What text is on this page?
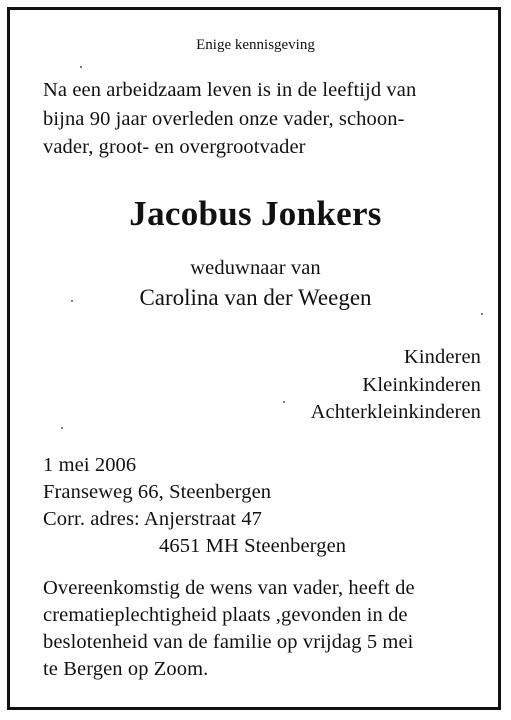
Enige kennisgeving
Na een arbeidzaam leven is in de leeftijd van
bijna 90 jaar overleden onze vader, schoon-
vader, groot- en overgrootvader
Jacobus Jonkers
weduwnaar van
Carolina van der Weegen
Kinderen
Kleinkinderen
Achterkleinkinderen
1 mei 2006
Franseweg 66, Steenbergen
Corr. adres: Anjerstraat 47
4651 MH Steenbergen
Overeenkomstig de wens van vader, heeft de
crematieplechtigheid plaats ,gevonden in de
beslotenheid van de familie op vrijdag 5 mei
te Bergen op Zoom.
